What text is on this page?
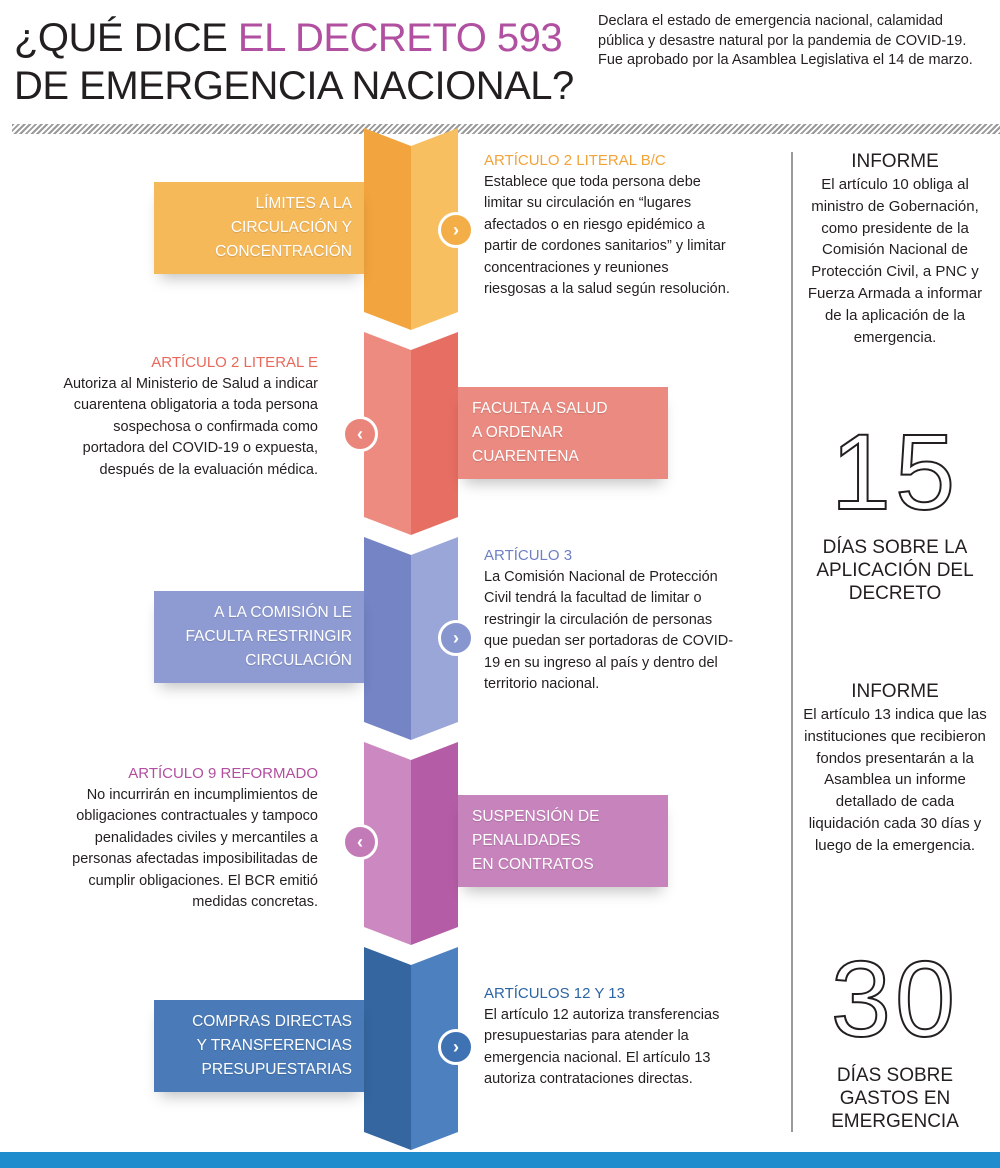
¿QUÉ DICE EL DECRETO 593
DE EMERGENCIA NACIONAL?
Declara el estado de emergencia nacional, calamidad pública y desastre natural por la pandemia de COVID-19. Fue aprobado por la Asamblea Legislativa el 14 de marzo.
LÍMITES A LA
CIRCULACIÓN Y
CONCENTRACIÓN
FACULTA A SALUD
A ORDENAR
CUARENTENA
A LA COMISIÓN LE
FACULTA RESTRINGIR
CIRCULACIÓN
SUSPENSIÓN DE
PENALIDADES
EN CONTRATOS
COMPRAS DIRECTAS
Y TRANSFERENCIAS
PRESUPUESTARIAS
›
‹
›
‹
›
ARTÍCULO 2 LITERAL B/C
Establece que toda persona debe limitar su circulación en “lugares afectados o en riesgo epidémico a partir de cordones sanitarios” y limitar concentraciones y reuniones riesgosas a la salud según resolución.
ARTÍCULO 2 LITERAL E
Autoriza al Ministerio de Salud a indicar cuarentena obligatoria a toda persona sospechosa o confirmada como portadora del COVID-19 o expuesta, después de la evaluación médica.
ARTÍCULO 3
La Comisión Nacional de Protección Civil tendrá la facultad de limitar o restringir la circulación de personas que puedan ser portadoras de COVID-19 en su ingreso al país y dentro del territorio nacional.
ARTÍCULO 9 REFORMADO
No incurrirán en incumplimientos de obligaciones contractuales y tampoco penalidades civiles y mercantiles a personas afectadas imposibilitadas de cumplir obligaciones. El BCR emitió medidas concretas.
ARTÍCULOS 12 Y 13
El artículo 12 autoriza transferencias presupuestarias para atender la emergencia nacional. El artículo 13 autoriza contrataciones directas.
INFORME
El artículo 10 obliga al ministro de Gobernación, como presidente de la Comisión Nacional de Protección Civil, a PNC y Fuerza Armada a informar de la aplicación de la emergencia.
15
DÍAS SOBRE LA APLICACIÓN DEL DECRETO
INFORME
El artículo 13 indica que las instituciones que recibieron fondos presentarán a la Asamblea un informe detallado de cada liquidación cada 30 días y luego de la emergencia.
30
DÍAS SOBRE GASTOS EN EMERGENCIA
